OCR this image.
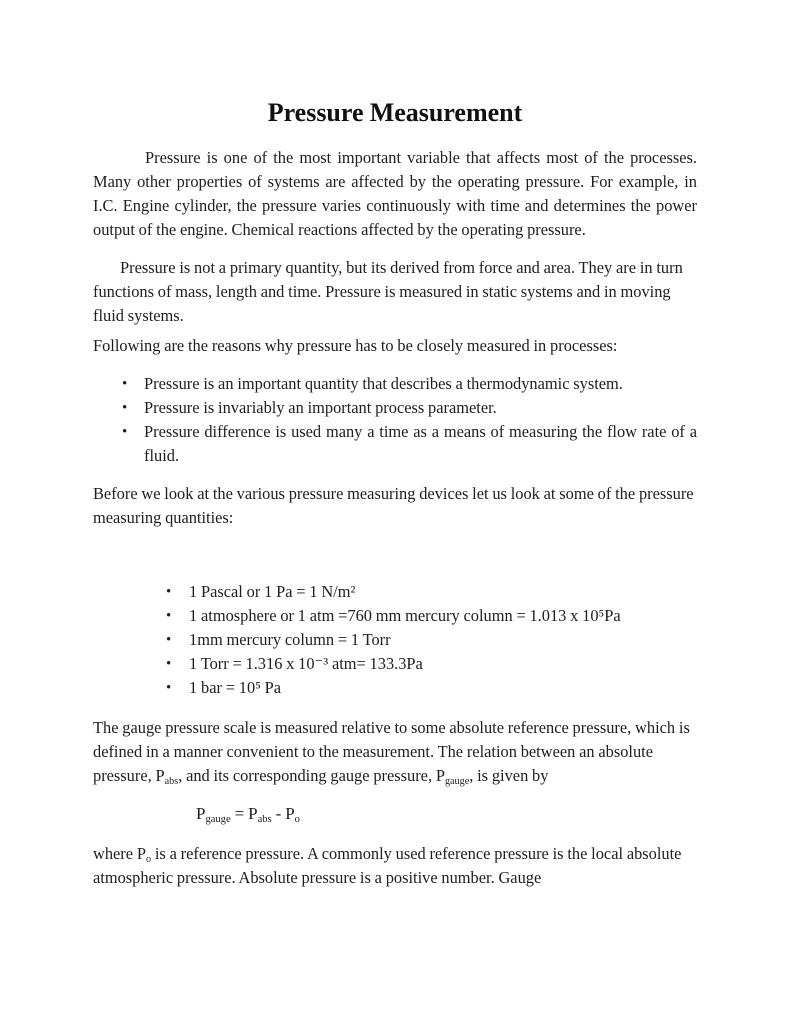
Pressure Measurement

Pressure is one of the most important variable that affects most of the processes. Many other properties of systems are affected by the operating pressure. For example, in I.C. Engine cylinder, the pressure varies continuously with time and determines the power output of the engine. Chemical reactions affected by the operating pressure.

Pressure is not a primary quantity, but its derived from force and area. They are in turn functions of mass, length and time. Pressure is measured in static systems and in moving fluid systems.

Following are the reasons why pressure has to be closely measured in processes:

•	Pressure is an important quantity that describes a thermodynamic system.
•	Pressure is invariably an important process parameter.
•	Pressure difference is used many a time as a means of measuring the flow rate of a fluid.

Before we look at the various pressure measuring devices let us look at some of the pressure measuring quantities:

•	1 Pascal or 1 Pa = 1 N/m²
•	1 atmosphere or 1 atm =760 mm mercury column = 1.013 x 10⁵Pa
•	1mm mercury column = 1 Torr
•	1 Torr = 1.316 x 10⁻³ atm= 133.3Pa
•	1 bar = 10⁵ Pa

The gauge pressure scale is measured relative to some absolute reference pressure, which is defined in a manner convenient to the measurement. The relation between an absolute pressure, $P_{abs}$, and its corresponding gauge pressure, $P_{gauge}$, is given by

$P_{gauge} = P_{abs} - P_o$

where $P_o$ is a reference pressure. A commonly used reference pressure is the local absolute atmospheric pressure. Absolute pressure is a positive number. Gauge
